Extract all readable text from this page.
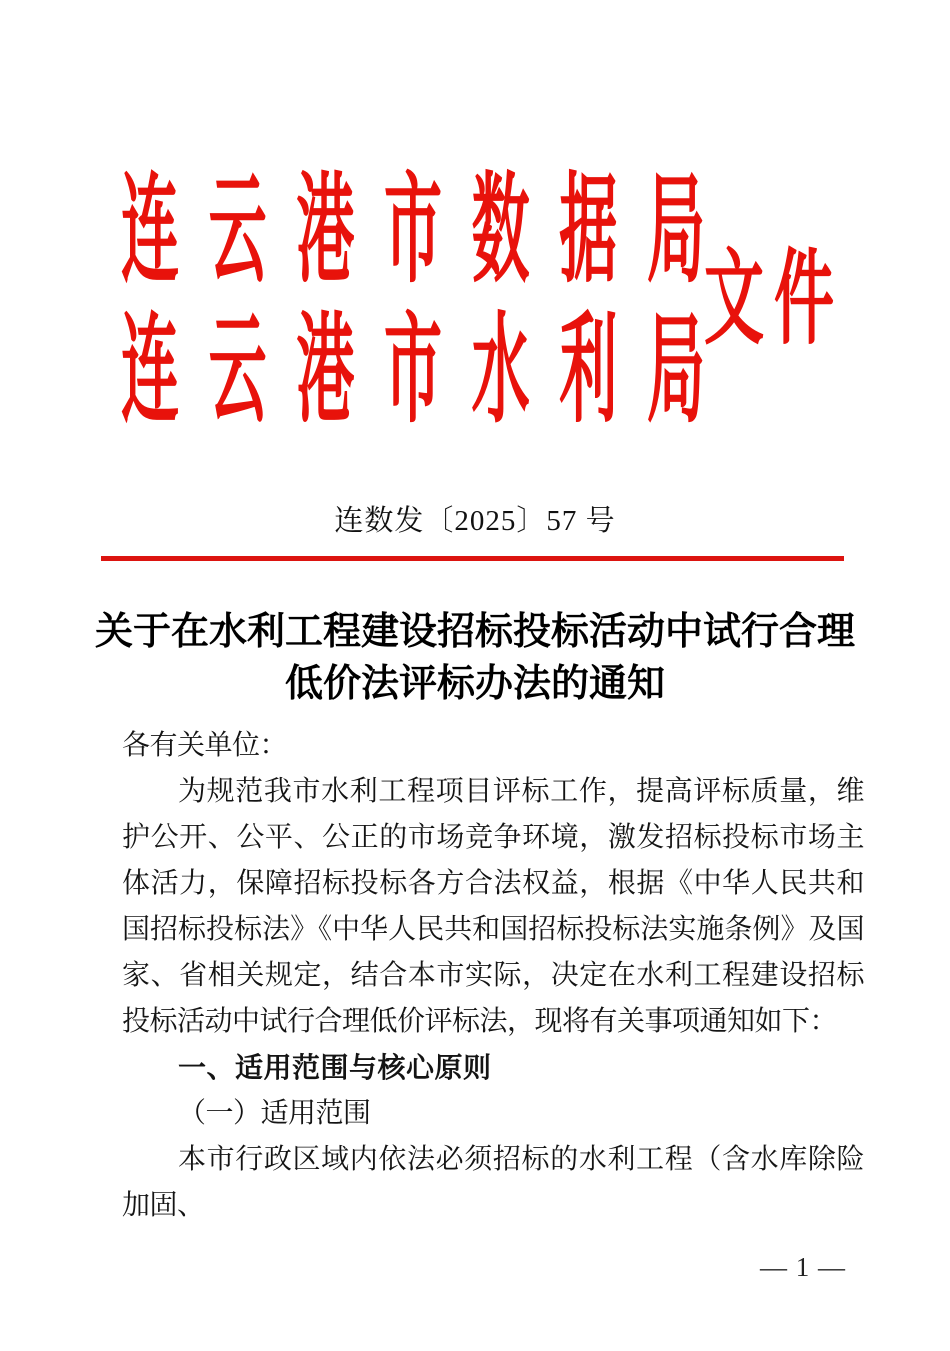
连云港市数据局
连云港市水利局
文件
连数发〔2025〕57 号
关于在水利工程建设招标投标活动中试行合理
低价法评标办法的通知

各有关单位：

为规范我市水利工程项目评标工作，提高评标质量，维护公开、公平、公正的市场竞争环境，激发招标投标市场主体活力，保障招标投标各方合法权益，根据《中华人民共和国招标投标法》《中华人民共和国招标投标法实施条例》及国家、省相关规定，结合本市实际，决定在水利工程建设招标投标活动中试行合理低价评标法，现将有关事项通知如下：

一、适用范围与核心原则

（一）适用范围

本市行政区域内依法必须招标的水利工程（含水库除险加固、

— 1 —
